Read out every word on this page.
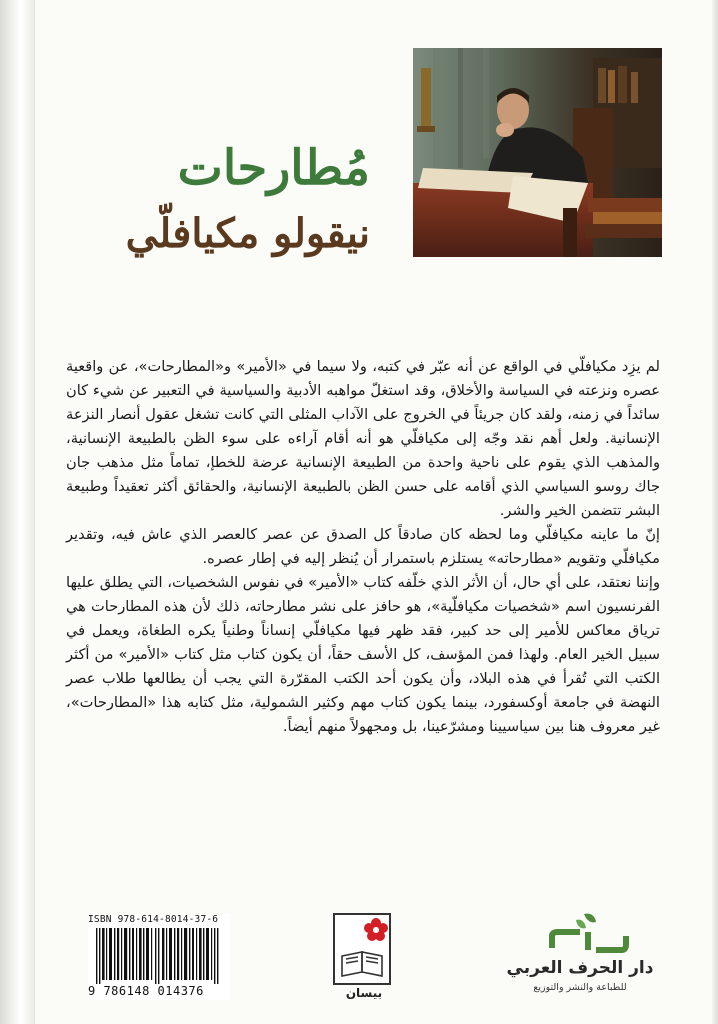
مُطارحات
نيقولو مكيافلّي

لم يزِد مكيافلّي في الواقع عن أنه عبّر في كتبه، ولا سيما في «الأمير» و«المطارحات»، عن واقعية عصره ونزعته في السياسة والأخلاق، وقد استغلّ مواهبه الأدبية والسياسية في التعبير عن شيء كان سائداً في زمنه، ولقد كان جريئاً في الخروج على الآداب المثلى التي كانت تشغل عقول أنصار النزعة الإنسانية. ولعل أهم نقد وجّه إلى مكيافلّي هو أنه أقام آراءه على سوء الظن بالطبيعة الإنسانية، والمذهب الذي يقوم على ناحية واحدة من الطبيعة الإنسانية عرضة للخطإ، تماماً مثل مذهب جان جاك روسو السياسي الذي أقامه على حسن الظن بالطبيعة الإنسانية، والحقائق أكثر تعقيداً وطبيعة البشر تتضمن الخير والشر.

إنّ ما عاينه مكيافلّي وما لحظه كان صادقاً كل الصدق عن عصر كالعصر الذي عاش فيه، وتقدير مكيافلّي وتقويم «مطارحاته» يستلزم باستمرار أن يُنظر إليه في إطار عصره.

وإننا نعتقد، على أي حال، أن الأثر الذي خلّفه كتاب «الأمير» في نفوس الشخصيات، التي يطلق عليها الفرنسيون اسم «شخصيات مكيافلّية»، هو حافز على نشر مطارحاته، ذلك لأن هذه المطارحات هي ترياق معاكس للأمير إلى حد كبير، فقد ظهر فيها مكيافلّي إنساناً وطنياً يكره الطغاة، ويعمل في سبيل الخير العام. ولهذا فمن المؤسف، كل الأسف حقاً، أن يكون كتاب مثل كتاب «الأمير» من أكثر الكتب التي تُقرأ في هذه البلاد، وأن يكون أحد الكتب المقرّرة التي يجب أن يطالعها طلاب عصر النهضة في جامعة أوكسفورد، بينما يكون كتاب مهم وكثير الشمولية، مثل كتابه هذا «المطارحات»، غير معروف هنا بين سياسيينا ومشرّعينا، بل ومجهولاً منهم أيضاً.

ISBN 978-614-8014-37-6
9 786148 014376	بيسان
دار الحرف العربي
للطباعة والنشر والتوزيع
